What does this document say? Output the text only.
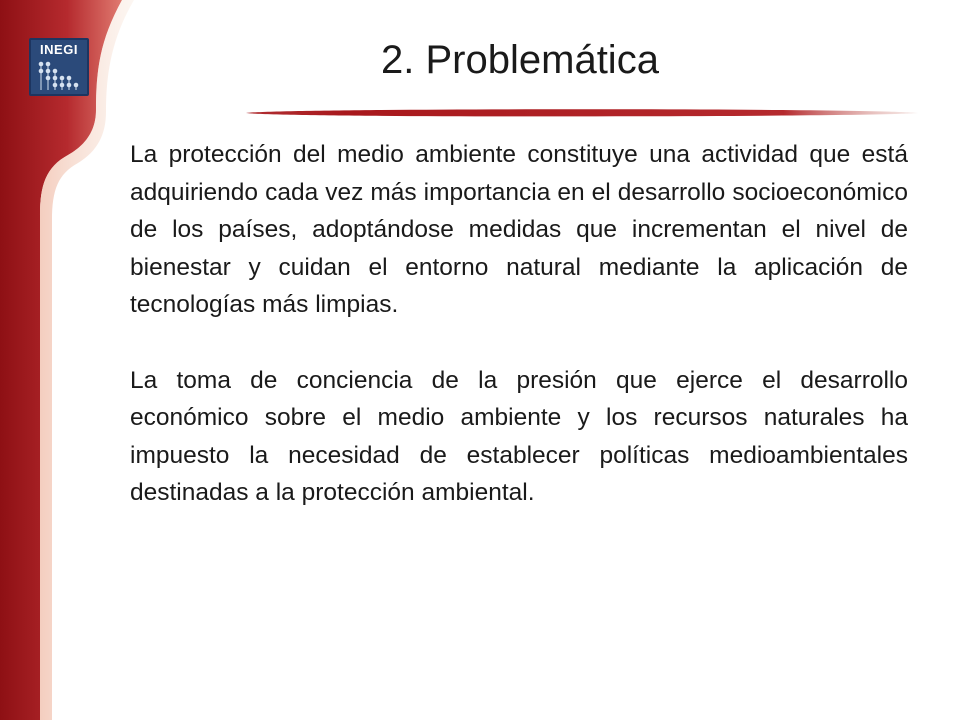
INEGI	2. Problemática

La protección del medio ambiente constituye una actividad que está adquiriendo cada vez más importancia en el desarrollo socioeconómico de los países, adoptándose medidas que incrementan el nivel de bienestar y cuidan el entorno natural mediante la aplicación de tecnologías más limpias.

La toma de conciencia de la presión que ejerce el desarrollo económico sobre el medio ambiente y los recursos naturales ha impuesto la necesidad de establecer políticas medioambientales destinadas a la protección ambiental.
